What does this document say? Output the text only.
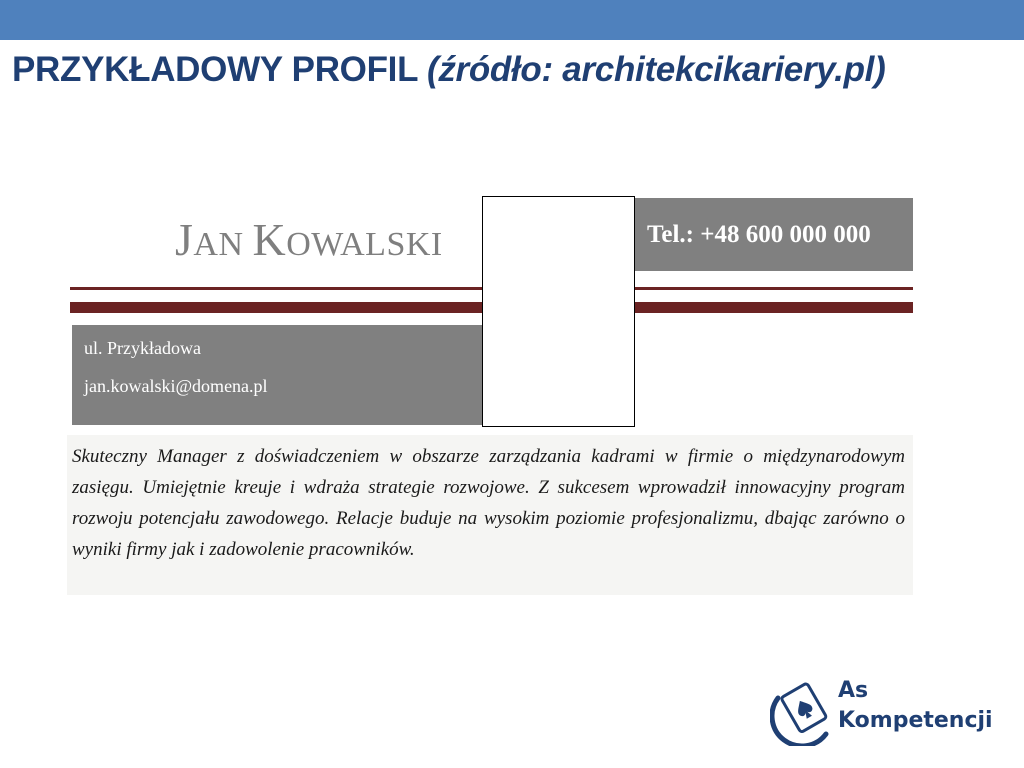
PRZYKŁADOWY PROFIL (źródło: architekcikariery.pl)
JAN KOWALSKI	Tel.: +48 600 000 000
ul. Przykładowa
jan.kowalski@domena.pl

Skuteczny Manager z doświadczeniem w obszarze zarządzania kadrami w firmie o międzynarodowym zasięgu. Umiejętnie kreuje i wdraża strategie rozwojowe. Z sukcesem wprowadził innowacyjny program rozwoju potencjału zawodowego. Relacje buduje na wysokim poziomie profesjonalizmu, dbając zarówno o wyniki firmy jak i zadowolenie pracowników.

As
Kompetencji
